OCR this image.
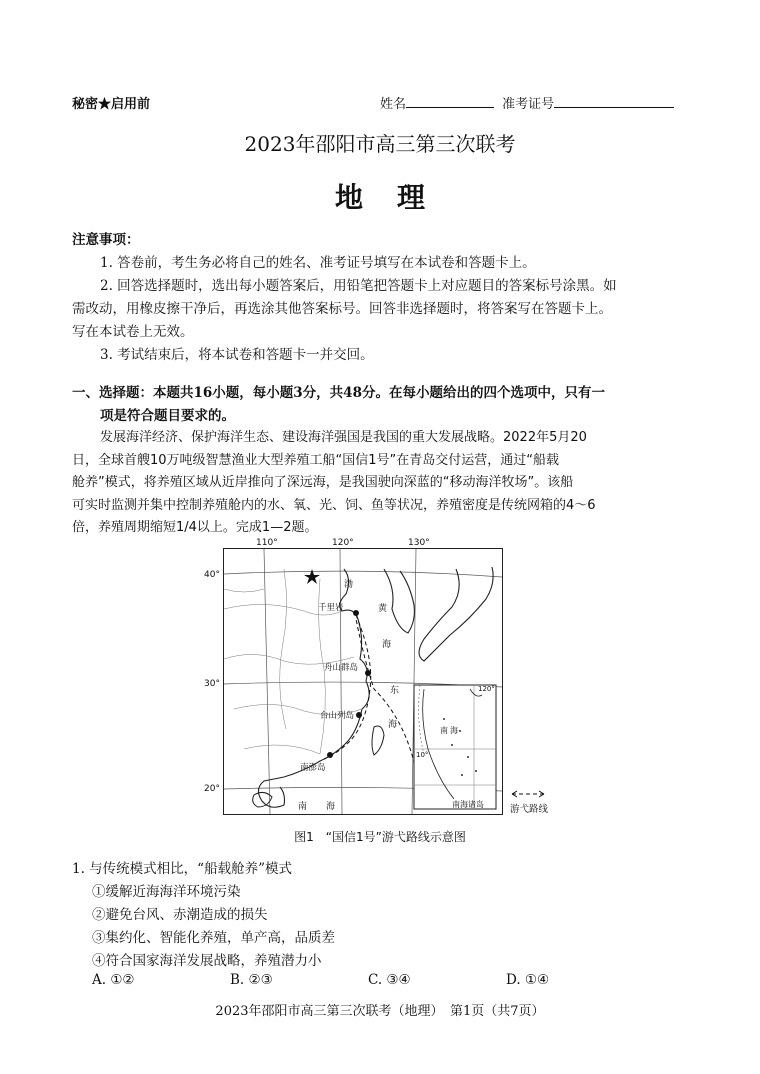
秘密★启用前	姓名	准考证号
2023年邵阳市高三第三次联考
地理
注意事项：
1. 答卷前，考生务必将自己的姓名、准考证号填写在本试卷和答题卡上。
2. 回答选择题时，选出每小题答案后，用铅笔把答题卡上对应题目的答案标号涂黑。如
需改动，用橡皮擦干净后，再选涂其他答案标号。回答非选择题时，将答案写在答题卡上。
写在本试卷上无效。
3. 考试结束后，将本试卷和答题卡一并交回。
一、选择题：本题共16小题，每小题3分，共48分。在每小题给出的四个选项中，只有一
项是符合题目要求的。
发展海洋经济、保护海洋生态、建设海洋强国是我国的重大发展战略。2022年5月20
日，全球首艘10万吨级智慧渔业大型养殖工船“国信1号”在青岛交付运营，通过“船载
舱养”模式，将养殖区域从近岸推向了深远海，是我国驶向深蓝的“移动海洋牧场”。该船
可实时监测并集中控制养殖舱内的水、氧、光、饲、鱼等状况，养殖密度是传统网箱的4～6
倍，养殖周期缩短1/4以上。完成1—2题。
110°	120°	130°
40°
30°
20°
千里岩
舟山群岛
台山列岛
南澎岛
渤
黄
海
东
海
南 海
南 海
120°
10°
南海诸岛	游弋路线
图1　“国信1号”游弋路线示意图
1. 与传统模式相比，“船载舱养”模式
①缓解近海海洋环境污染
②避免台风、赤潮造成的损失
③集约化、智能化养殖，单产高，品质差
④符合国家海洋发展战略，养殖潜力小
A. ①②	B. ②③	C. ③④	D. ①④
2023年邵阳市高三第三次联考（地理）　第1页（共7页）
